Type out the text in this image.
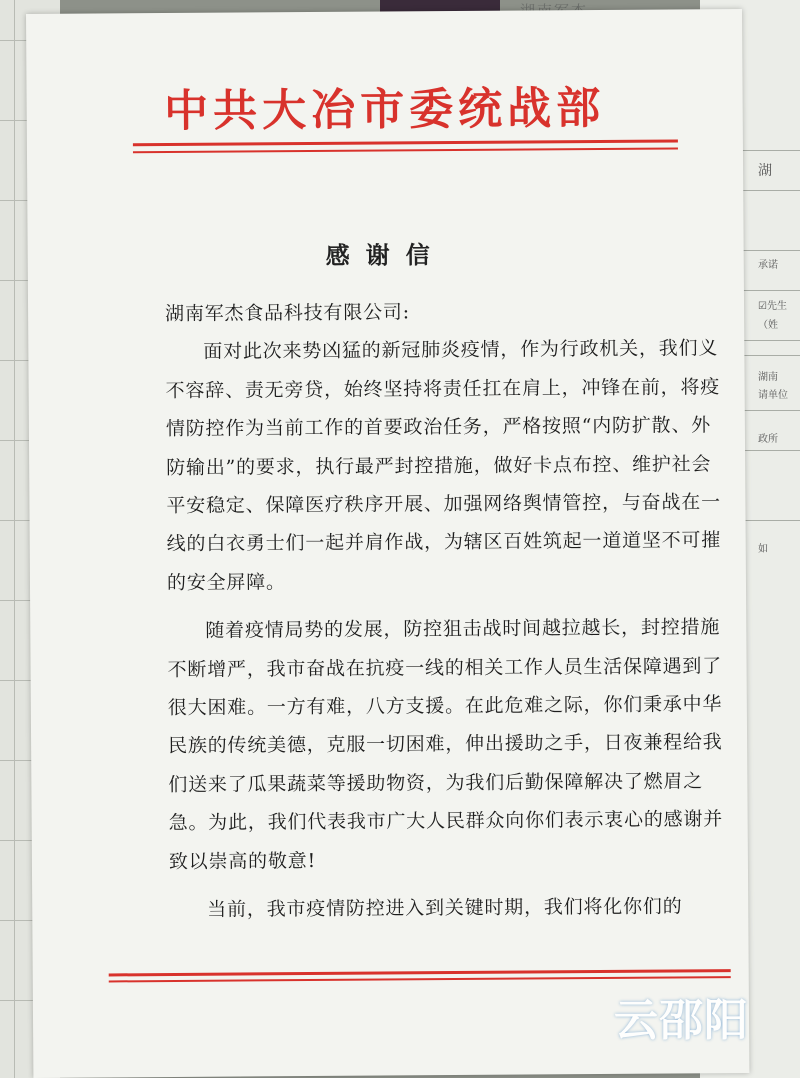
湖
承诺
☑先生
（姓
湖南
请单位
政所
如
中共大冶市委统战部
感谢信

湖南军杰食品科技有限公司:

面对此次来势凶猛的新冠肺炎疫情，作为行政机关，我们义不容辞、责无旁贷，始终坚持将责任扛在肩上，冲锋在前，将疫情防控作为当前工作的首要政治任务，严格按照“内防扩散、外防输出”的要求，执行最严封控措施，做好卡点布控、维护社会平安稳定、保障医疗秩序开展、加强网络舆情管控，与奋战在一线的白衣勇士们一起并肩作战，为辖区百姓筑起一道道坚不可摧的安全屏障。

随着疫情局势的发展，防控狙击战时间越拉越长，封控措施不断增严，我市奋战在抗疫一线的相关工作人员生活保障遇到了很大困难。一方有难，八方支援。在此危难之际，你们秉承中华民族的传统美德，克服一切困难，伸出援助之手，日夜兼程给我们送来了瓜果蔬菜等援助物资，为我们后勤保障解决了燃眉之急。为此，我们代表我市广大人民群众向你们表示衷心的感谢并致以崇高的敬意!

当前，我市疫情防控进入到关键时期，我们将化你们的

云邵阳
